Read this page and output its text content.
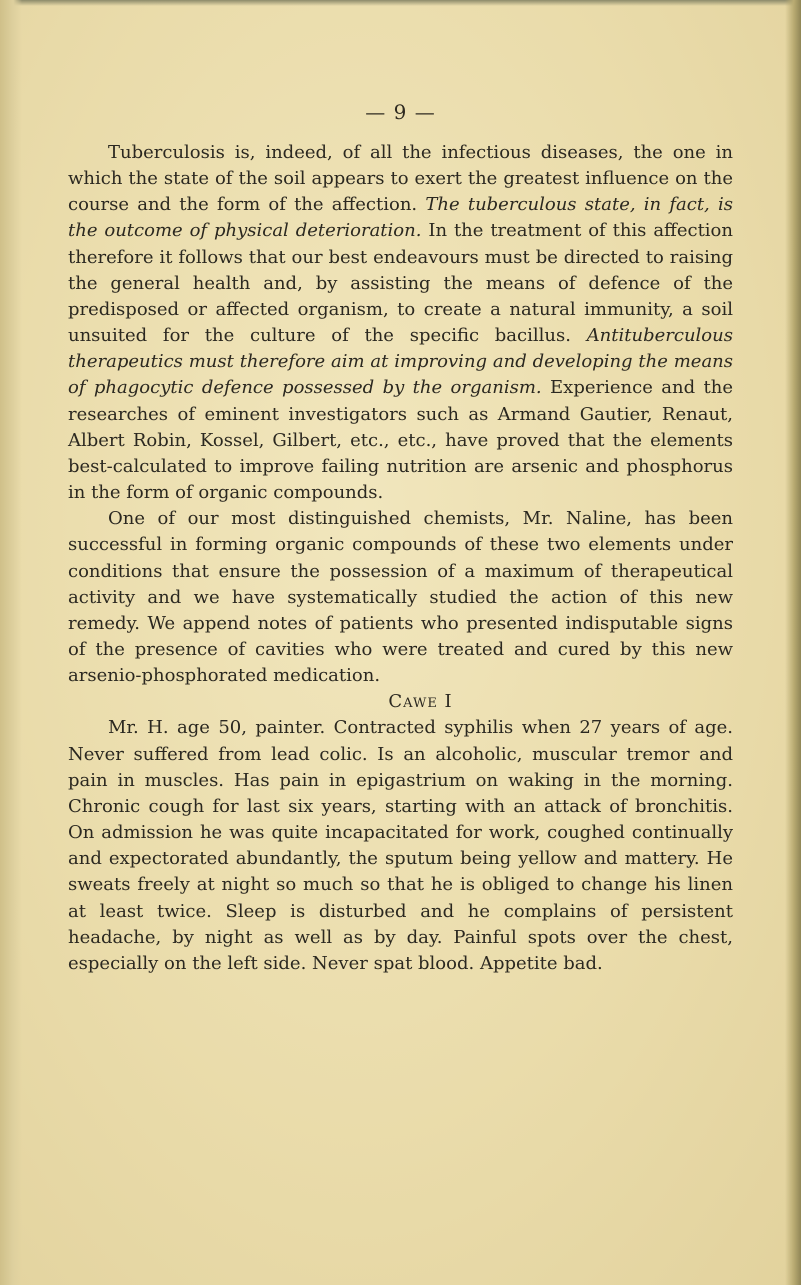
— 9 —

Tuberculosis is, indeed, of all the infectious diseases, the one in which the state of the soil appears to exert the greatest influence on the course and the form of the affection. The tuberculous state, in fact, is the outcome of physical deterioration. In the treatment of this affection therefore it follows that our best endeavours must be directed to raising the general health and, by assisting the means of defence of the predisposed or affected organism, to create a natural immunity, a soil unsuited for the culture of the specific bacillus. Antituberculous therapeutics must therefore aim at improving and developing the means of phagocytic defence possessed by the organism. Experience and the researches of eminent investigators such as Armand Gautier, Renaut, Albert Robin, Kossel, Gilbert, etc., etc., have proved that the elements best-calculated to improve failing nutrition are arsenic and phosphorus in the form of organic compounds.

One of our most distinguished chemists, Mr. Naline, has been successful in forming organic compounds of these two elements under conditions that ensure the possession of a maximum of therapeutical activity and we have systematically studied the action of this new remedy. We append notes of patients who presented indisputable signs of the presence of cavities who were treated and cured by this new arsenio-phosphorated medication.

Cawe I

Mr. H. age 50, painter. Contracted syphilis when 27 years of age. Never suffered from lead colic. Is an alcoholic, muscular tremor and pain in muscles. Has pain in epigastrium on waking in the morning. Chronic cough for last six years, starting with an attack of bronchitis. On admission he was quite incapacitated for work, coughed continually and expectorated abundantly, the sputum being yellow and mattery. He sweats freely at night so much so that he is obliged to change his linen at least twice. Sleep is disturbed and he complains of persistent headache, by night as well as by day. Painful spots over the chest, especially on the left side. Never spat blood. Appetite bad.
